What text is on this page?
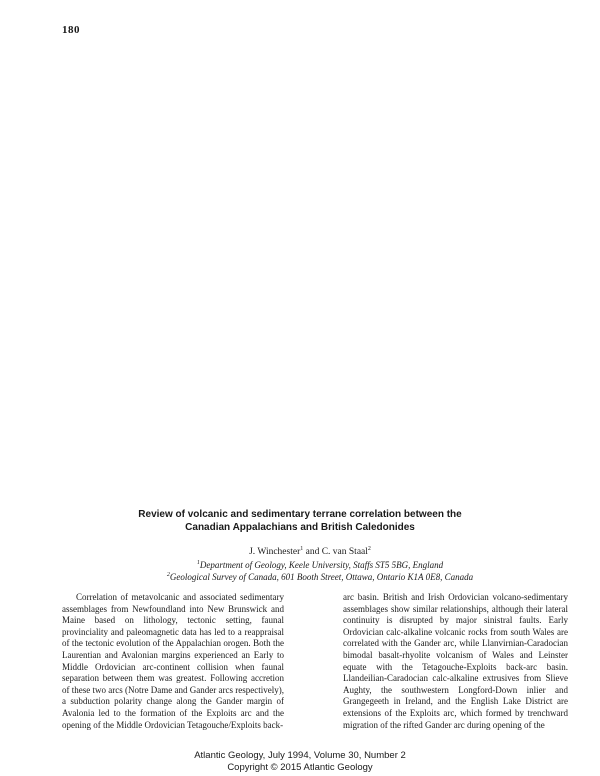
180
Review of volcanic and sedimentary terrane correlation between the
Canadian Appalachians and British Caledonides
J. Winchester$^1$ and C. van Staal$^2$
$^1$Department of Geology, Keele University, Staffs ST5 5BG, England
$^2$Geological Survey of Canada, 601 Booth Street, Ottawa, Ontario K1A 0E8, Canada
Correlation of metavolcanic and associated sedimentary assemblages from Newfoundland into New Brunswick and Maine based on lithology, tectonic setting, faunal provinciality and paleomagnetic data has led to a reappraisal of the tectonic evolution of the Appalachian orogen. Both the Laurentian and Avalonian margins experienced an Early to Middle Ordovician arc-continent collision when faunal separation between them was greatest. Following accretion of these two arcs (Notre Dame and Gander arcs respectively), a subduction polarity change along the Gander margin of Avalonia led to the formation of the Exploits arc and the opening of the Middle Ordovician Tetagouche/Exploits back-
arc basin. British and Irish Ordovician volcano-sedimentary assemblages show similar relationships, although their lateral continuity is disrupted by major sinistral faults. Early Ordovician calc-alkaline volcanic rocks from south Wales are correlated with the Gander arc, while Llanvirnian-Caradocian bimodal basalt-rhyolite volcanism of Wales and Leinster equate with the Tetagouche-Exploits back-arc basin. Llandeilian-Caradocian calc-alkaline extrusives from Slieve Aughty, the southwestern Longford-Down inlier and Grangegeeth in Ireland, and the English Lake District are extensions of the Exploits arc, which formed by trenchward migration of the rifted Gander arc during opening of the
Atlantic Geology, July 1994, Volume 30, Number 2
Copyright © 2015 Atlantic Geology
